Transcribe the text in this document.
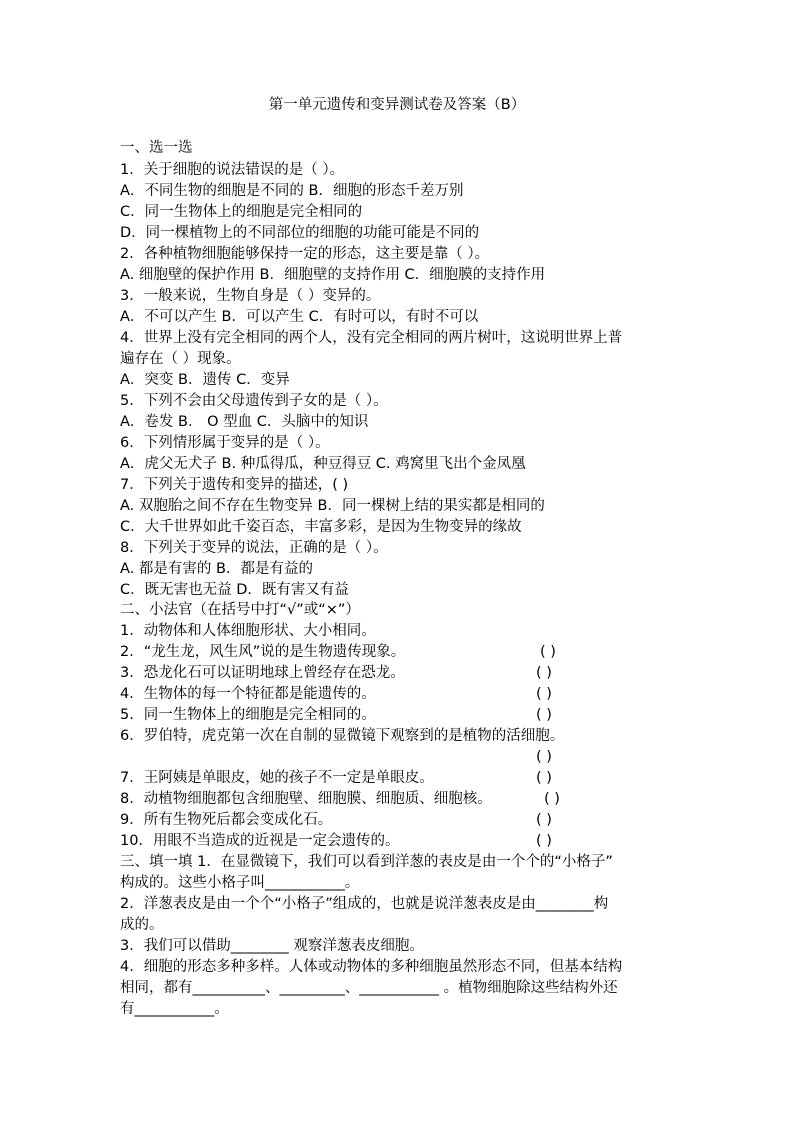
第一单元遗传和变异测试卷及答案（B）
一、选一选
1．关于细胞的说法错误的是（ ）。
A．不同生物的细胞是不同的 B．细胞的形态千差万别
C．同一生物体上的细胞是完全相同的
D．同一棵植物上的不同部位的细胞的功能可能是不同的
2．各种植物细胞能够保持一定的形态，这主要是靠（ ）。
A. 细胞壁的保护作用 B．细胞壁的支持作用 C．细胞膜的支持作用
3．一般来说，生物自身是（ ）变异的。
A．不可以产生 B．可以产生 C．有时可以，有时不可以
4．世界上没有完全相同的两个人，没有完全相同的两片树叶，这说明世界上普
遍存在（ ）现象。
A．突变 B．遗传 C．变异
5．下列不会由父母遗传到子女的是（ ）。
A．卷发 B． O 型血 C．头脑中的知识
6．下列情形属于变异的是（ ）。
A．虎父无犬子 B. 种瓜得瓜，种豆得豆 C. 鸡窝里飞出个金凤凰
7．下列关于遗传和变异的描述，( )
A. 双胞胎之间不存在生物变异 B．同一棵树上结的果实都是相同的
C．大千世界如此千姿百态，丰富多彩，是因为生物变异的缘故
8．下列关于变异的说法，正确的是（ ）。
A. 都是有害的 B．都是有益的
C．既无害也无益 D．既有害又有益
二、小法官（在括号中打“√”或“×”）
1．动物体和人体细胞形状、大小相同。
2．“龙生龙，风生风”说的是生物遗传现象。	( )
3．恐龙化石可以证明地球上曾经存在恐龙。	( )
4．生物体的每一个特征都是能遗传的。	( )
5．同一生物体上的细胞是完全相同的。	( )
6．罗伯特，虎克第一次在自制的显微镜下观察到的是植物的活细胞。
( )
7．王阿姨是单眼皮，她的孩子不一定是单眼皮。	( )
8．动植物细胞都包含细胞壁、细胞膜、细胞质、细胞核。	( )
9．所有生物死后都会变成化石。	( )
10．用眼不当造成的近视是一定会遗传的。	( )
三、填一填 1．在显微镜下，我们可以看到洋葱的表皮是由一个个的“小格子”
构成的。这些小格子叫___________。
2．洋葱表皮是由一个个“小格子”组成的，也就是说洋葱表皮是由________构
成的。
3．我们可以借助________ 观察洋葱表皮细胞。
4．细胞的形态多种多样。人体或动物体的多种细胞虽然形态不同，但基本结构
相同，都有__________、_________、___________ 。植物细胞除这些结构外还
有___________。
